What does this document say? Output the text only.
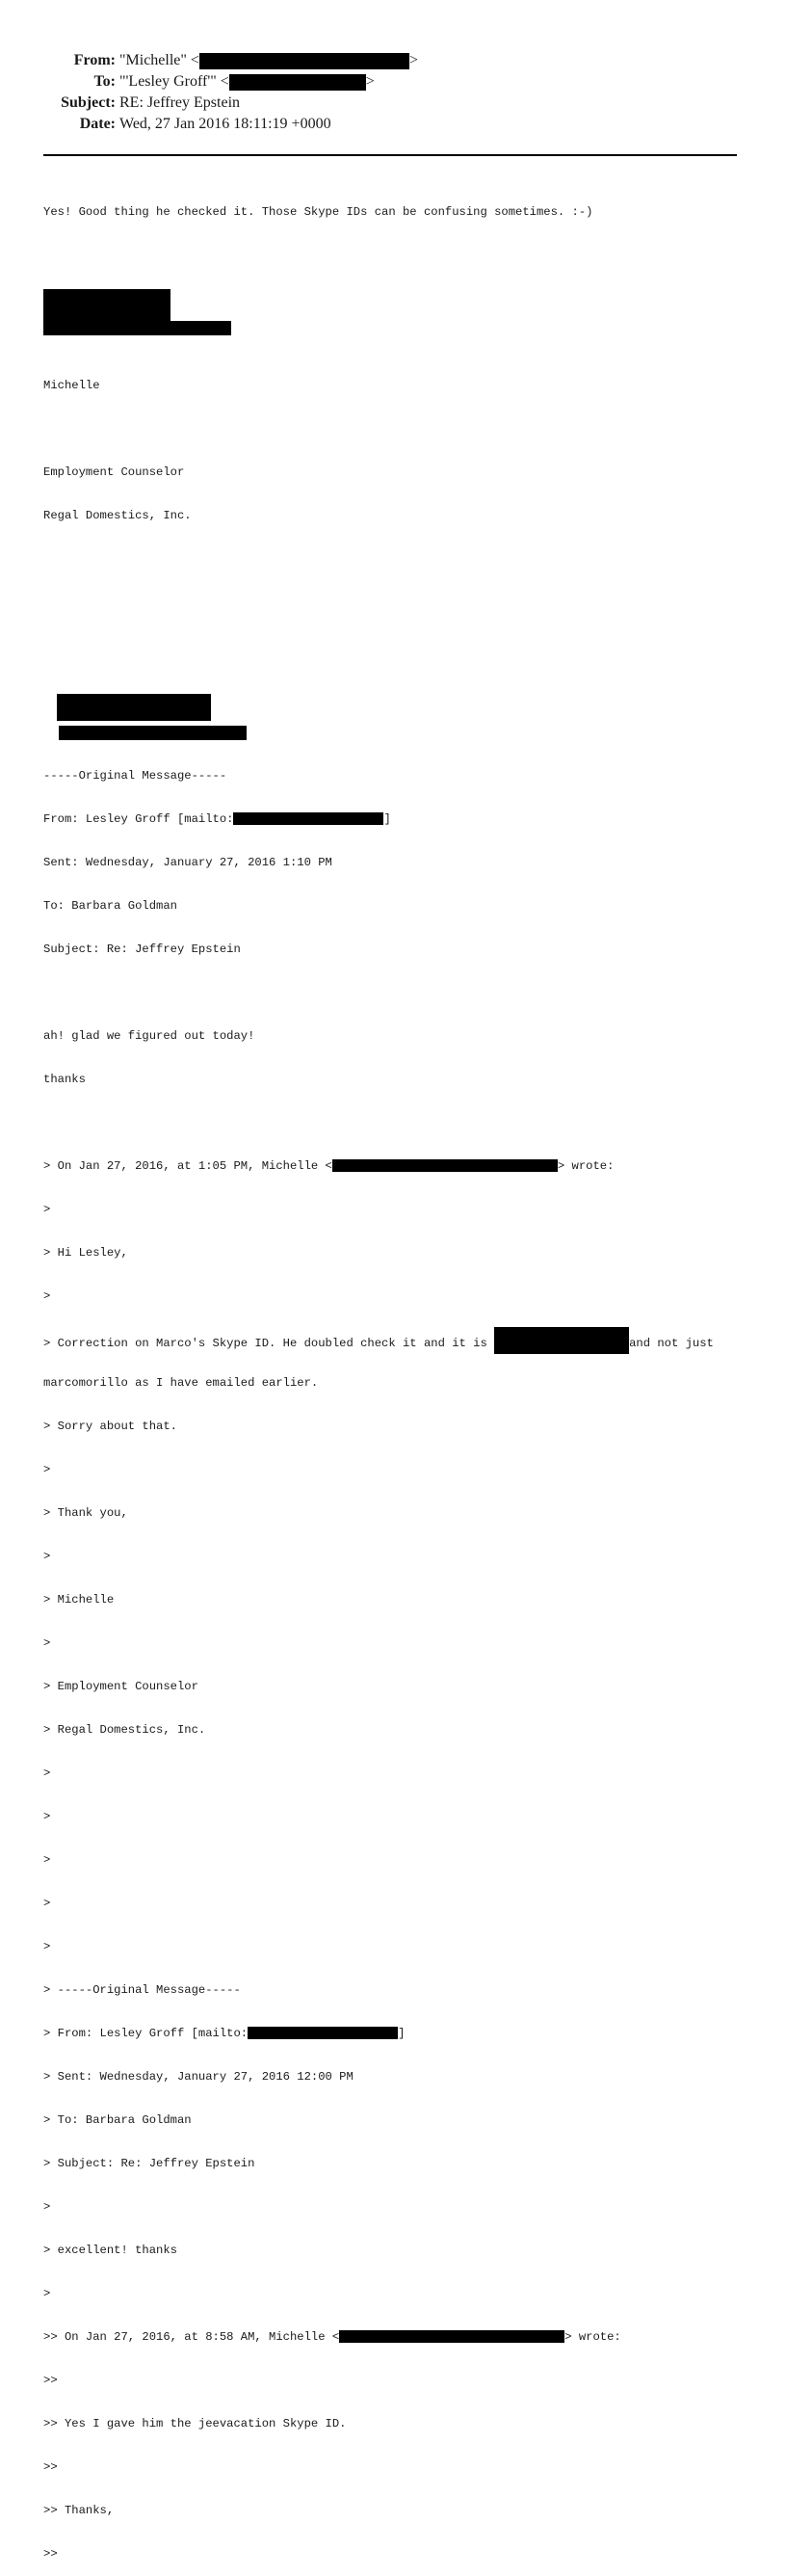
From: "Michelle" <	>
To: "'Lesley Groff'" <	>
Subject: RE: Jeffrey Epstein
Date: Wed, 27 Jan 2016 18:11:19 +0000

Yes! Good thing he checked it. Those Skype IDs can be confusing sometimes. :-)

Michelle

Employment Counselor

Regal Domestics, Inc.

-----Original Message-----

From: Lesley Groff [mailto:	]

Sent: Wednesday, January 27, 2016 1:10 PM

To: Barbara Goldman

Subject: Re: Jeffrey Epstein

ah! glad we figured out today!

thanks

> On Jan 27, 2016, at 1:05 PM, Michelle <	> wrote:

>

> Hi Lesley,

>

> Correction on Marco's Skype ID. He doubled check it and it is	and not just

marcomorillo as I have emailed earlier.

> Sorry about that.

>

> Thank you,

>

> Michelle

>

> Employment Counselor

> Regal Domestics, Inc.

>

>

>

>

>

> -----Original Message-----

> From: Lesley Groff [mailto:	]

> Sent: Wednesday, January 27, 2016 12:00 PM

> To: Barbara Goldman

> Subject: Re: Jeffrey Epstein

>

> excellent! thanks

>

>> On Jan 27, 2016, at 8:58 AM, Michelle <	> wrote:

>>

>> Yes I gave him the jeevacation Skype ID.

>>

>> Thanks,

>>
